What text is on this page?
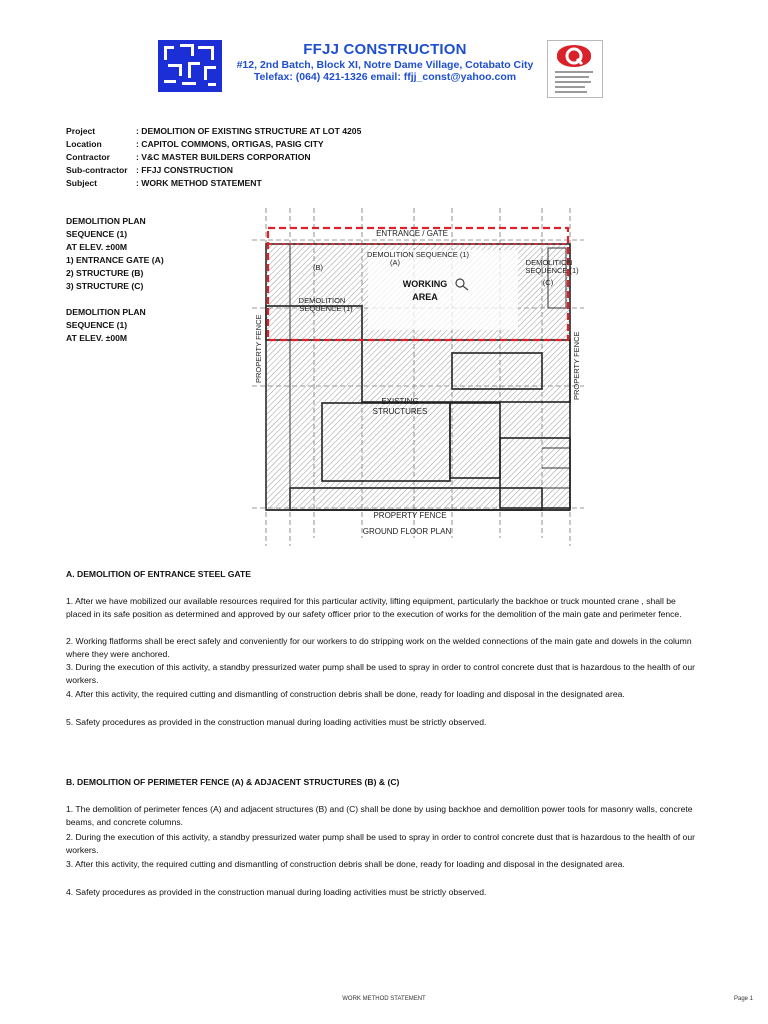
FFJJ CONSTRUCTION
#12, 2nd Batch, Block XI, Notre Dame Village, Cotabato City
Telefax: (064) 421-1326 email: ffjj_const@yahoo.com
Project	: DEMOLITION OF EXISTING STRUCTURE AT LOT 4205
Location	: CAPITOL COMMONS, ORTIGAS, PASIG CITY
Contractor	: V&C MASTER BUILDERS CORPORATION
Sub-contractor : FFJJ CONSTRUCTION
Subject	: WORK METHOD STATEMENT
DEMOLITION PLAN
SEQUENCE (1)
AT ELEV. ±00M
1) ENTRANCE GATE (A)
2) STRUCTURE (B)
3) STRUCTURE (C)
DEMOLITION PLAN
SEQUENCE (1)
AT ELEV. ±00M
ENTRANCE / GATE
DEMOLITION SEQUENCE (1)
(A)
(B)
DEMOLITION
SEQUENCE (1)
DEMOLITION
SEQUENCE (1)
(C)
WORKING
AREA
PROPERTY FENCE	PROPERTY FENCE
EXISTING
STRUCTURES
PROPERTY FENCE
GROUND FLOOR PLAN
A. DEMOLITION OF ENTRANCE STEEL GATE
1. After we have mobilized our available resources required for this particular activity, lifting equipment, particularly the backhoe or truck mounted crane , shall be placed in its safe position as determined and approved by our safety officer prior to the execution of works for the demolition of the main gate and perimeter fence.
2. Working flatforms shall be erect safely and conveniently for our workers to do stripping work on the welded connections of the main gate and dowels in the column where they were anchored.
3. During the execution of this activity, a standby pressurized water pump shall be used to spray in order to control concrete dust that is hazardous to the health of our workers.
4. After this activity, the required cutting and dismantling of construction debris shall be done, ready for loading and disposal in the designated area.
5. Safety procedures as provided in the construction manual during loading activities must be strictly observed.
B. DEMOLITION OF PERIMETER FENCE (A) & ADJACENT STRUCTURES (B) & (C)
1. The demolition of perimeter fences (A) and adjacent structures (B) and (C) shall be done by using backhoe and demolition power tools for masonry walls, concrete beams, and concrete columns.
2. During the execution of this activity, a standby pressurized water pump shall be used to spray in order to control concrete dust that is hazardous to the health of our workers.
3. After this activity, the required cutting and dismantling of construction debris shall be done, ready for loading and disposal in the designated area.
4. Safety procedures as provided in the construction manual during loading activities must be strictly observed.
WORK METHOD STATEMENT	Page 1
